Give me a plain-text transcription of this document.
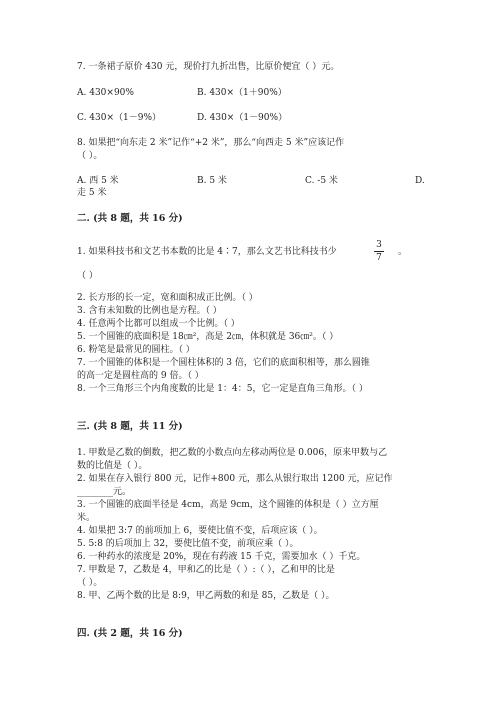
7. 一条裙子原价 430 元，现价打九折出售，比原价便宜（ ）元。
A. 430×90%	B. 430×（1＋90%）
C. 430×（1－9%）	D. 430×（1－90%）
8. 如果把“向东走 2 米”记作“+2 米”，那么“向西走 5 米”应该记作
（ ）。
A. 西 5 米	B. 5 米	C. -5 米	D.
走 5 米
二. (共 8 题，共 16 分)
1. 如果科技书和文艺书本数的比是 4∶7，那么文艺书比科技书少
3
7
。
（ ）
2. 长方形的长一定，宽和面积成正比例。（ ）
3. 含有未知数的比例也是方程。（ ）
4. 任意两个比都可以组成一个比例。（ ）
5. 一个圆锥的底面积是 18㎝²，高是 2㎝，体积就是 36㎝²。（ ）
6. 粉笔是最常见的圆柱。（ ）
7. 一个圆锥的体积是一个圆柱体积的 3 倍，它们的底面积相等，那么圆锥
的高一定是圆柱高的 9 倍。（ ）
8. 一个三角形三个内角度数的比是 1：4：5，它一定是直角三角形。（ ）
三. (共 8 题，共 11 分)
1. 甲数是乙数的倒数，把乙数的小数点向左移动两位是 0.006，原来甲数与乙
数的比值是（ ）。
2. 如果在存入银行 800 元，记作+800 元，那么从银行取出 1200 元，应记作
________元。
3. 一个圆锥的底面半径是 4cm，高是 9cm，这个圆锥的体积是（ ）立方厘
米。
4. 如果把 3:7 的前项加上 6，要使比值不变，后项应该（ ）。
5. 5:8 的后项加上 32，要使比值不变，前项应乘（ ）。
6. 一种药水的浓度是 20%，现在有药液 15 千克，需要加水（ ）千克。
7. 甲数是 7，乙数是 4，甲和乙的比是（ ）:（ ），乙和甲的比是
（ ）。
8. 甲、乙两个数的比是 8:9，甲乙两数的和是 85，乙数是（ ）。
四. (共 2 题，共 16 分)
